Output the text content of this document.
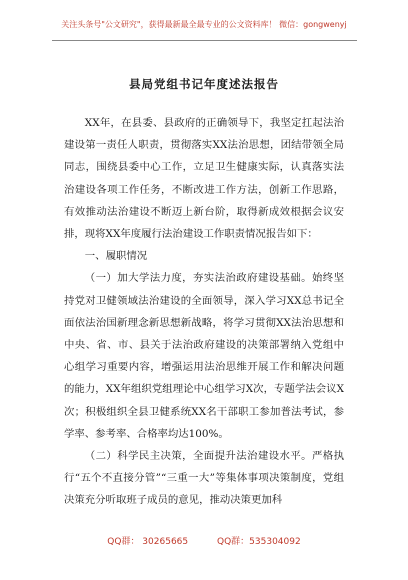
关注头条号"公文研究"，获得最新最全最专业的公文资料库！ 微信：gongwenyj
县局党组书记年度述法报告

XX年，在县委、县政府的正确领导下，我坚定扛起法治建设第一责任人职责，贯彻落实XX法治思想，团结带领全局同志，围绕县委中心工作，立足卫生健康实际，认真落实法治建设各项工作任务，不断改进工作方法，创新工作思路，有效推动法治建设不断迈上新台阶，取得新成效根据会议安排，现将XX年度履行法治建设工作职责情况报告如下：

一、履职情况

（一）加大学法力度，夯实法治政府建设基础。始终坚持党对卫健领域法治建设的全面领导，深入学习XX总书记全面依法治国新理念新思想新战略，将学习贯彻XX法治思想和中央、省、市、县关于法治政府建设的决策部署纳入党组中心组学习重要内容，增强运用法治思维开展工作和解决问题的能力，XX年组织党组理论中心组学习X次，专题学法会议X次；积极组织全县卫健系统XX名干部职工参加普法考试，参学率、参考率、合格率均达100%。

（二）科学民主决策，全面提升法治建设水平。严格执行“五个不直接分管”“三重一大”等集体事项决策制度，党组决策充分听取班子成员的意见，推动决策更加科

QQ群： 30265665	QQ群：535304092
